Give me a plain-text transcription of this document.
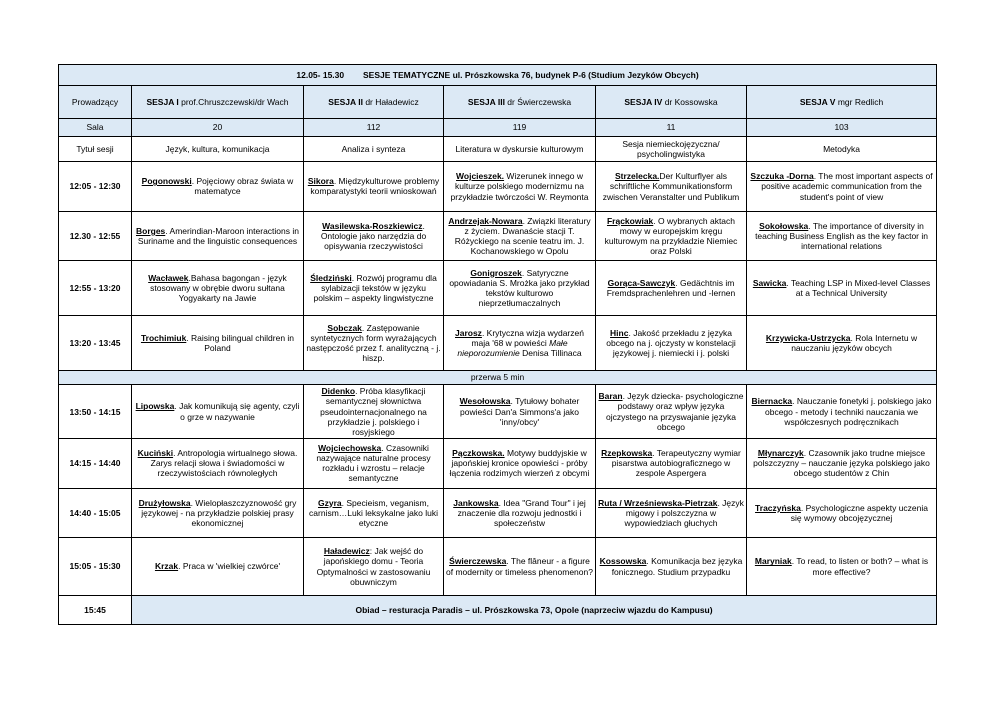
12.05- 15.30        SESJE TEMATYCZNE ul. Prószkowska 76, budynek P-6 (Studium Jezyków Obcych)					
Prowadzący	SESJA I prof.Chruszczewski/dr Wach	SESJA II dr Haładewicz	SESJA III dr Świerczewska	SESJA IV dr Kossowska	SESJA V mgr Redlich
Sala	20	112	119	11	103
Tytuł sesji	Język, kultura, komunikacja	Analiza i synteza	Literatura w dyskursie kulturowym	Sesja niemieckojęzyczna/ psycholingwistyka	Metodyka
12:05 - 12:30	Pogonowski. Pojęciowy obraz świata w matematyce	Sikora. Międzykulturowe problemy komparatystyki teorii wnioskowań	Wojcieszek. Wizerunek innego w kulturze polskiego modernizmu na przykładzie twórczości W. Reymonta	Strzelecka.Der Kulturflyer als schriftliche Kommunikationsform zwischen Veranstalter und Publikum	Szczuka -Dorna. The most important aspects of positive academic communication from the student's point of view
12.30 - 12:55	Borges. Amerindian-Maroon interactions in Suriname and the linguistic consequences	Wasilewska-Roszkiewicz. Ontologie jako narzędzia do opisywania rzeczywistości	Andrzejak-Nowara. Związki literatury z życiem. Dwanaście stacji T. Różyckiego na scenie teatru im. J. Kochanowskiego w Opolu	Frąckowiak. O wybranych aktach mowy w europejskim kręgu kulturowym na przykładzie Niemiec oraz Polski	Sokołowska. The importance of diversity in teaching Business English as the key factor in international relations
12:55 - 13:20	Wacławek.Bahasa bagongan - język stosowany w obrębie dworu sułtana Yogyakarty na Jawie	Śledziński. Rozwój programu dla sylabizacji tekstów w języku polskim – aspekty lingwistyczne	Gonigroszek. Satyryczne opowiadania S. Mrożka jako przykład tekstów kulturowo nieprzetłumaczalnych	Gorąca-Sawczyk. Gedächtnis im Fremdsprachenlehren und -lernen	Sawicka. Teaching LSP in Mixed-level Classes at a Technical University
13:20 - 13:45	Trochimiuk. Raising bilingual children in Poland	Sobczak. Zastępowanie syntetycznych form wyrażających następczość przez f. analityczną - j. hiszp.	Jarosz. Krytyczna wizja wydarzeń maja '68 w powieści Małe nieporozumienie Denisa Tillinaca	Hinc. Jakość przekładu z języka obcego na j. ojczysty w konstelacji językowej j. niemiecki i j. polski	Krzywicka-Ustrzycka. Rola Internetu w nauczaniu języków obcych
przerwa 5 min					
13:50 - 14:15	Lipowska. Jak komunikują się agenty, czyli o grze w nazywanie	Didenko. Próba klasyfikacji semantycznej słownictwa pseudointernacjonalnego na przykładzie j. polskiego i rosyjskiego	Wesołowska. Tytułowy bohater powieści Dan'a Simmons'a jako 'inny/obcy'	Baran. Język dziecka- psychologiczne podstawy oraz wpływ języka ojczystego na przyswajanie języka obcego	Biernacka. Nauczanie fonetyki j. polskiego jako obcego - metody i techniki nauczania we współczesnych podręcznikach
14:15 - 14:40	Kuciński. Antropologia wirtualnego słowa. Zarys relacji słowa i świadomości w rzeczywistościach równoległych	Wojciechowska. Czasowniki nazywające naturalne procesy rozkładu i wzrostu – relacje semantyczne	Pączkowska. Motywy buddyjskie w japońskiej kronice opowieści - próby łączenia rodzimych wierzeń z obcymi	Rzepkowska. Terapeutyczny wymiar pisarstwa autobiograficznego w zespole Aspergera	Młynarczyk. Czasownik jako trudne miejsce polszczyzny – nauczanie języka polskiego jako obcego studentów z Chin
14:40 - 15:05	Drużyłowska. Wielopłaszczyznowość gry językowej - na przykładzie polskiej prasy ekonomicznej	Gzyra. Specieism, veganism, carnism…Luki leksykalne jako luki etyczne	Jankowska. Idea "Grand Tour" i jej znaczenie dla rozwoju jednostki i społeczeństw	Ruta / Wrześniewska-Pietrzak. Język migowy i polszczyzna w wypowiedziach głuchych	Traczyńska. Psychologiczne aspekty uczenia się wymowy obcojęzycznej
15:05 - 15:30	Krzak. Praca w 'wielkiej czwórce'	Haładewicz: Jak wejść do japońskiego domu - Teoria Optymalności w zastosowaniu obuwniczym	Świerczewska. The flâneur - a figure of modernity or timeless phenomenon?	Kossowska. Komunikacja bez języka fonicznego. Studium przypadku	Maryniak. To read, to listen or both? – what is more effective?
15:45	Obiad – resturacja Paradis – ul. Prószkowska 73, Opole (naprzeciw wjazdu do Kampusu)				
